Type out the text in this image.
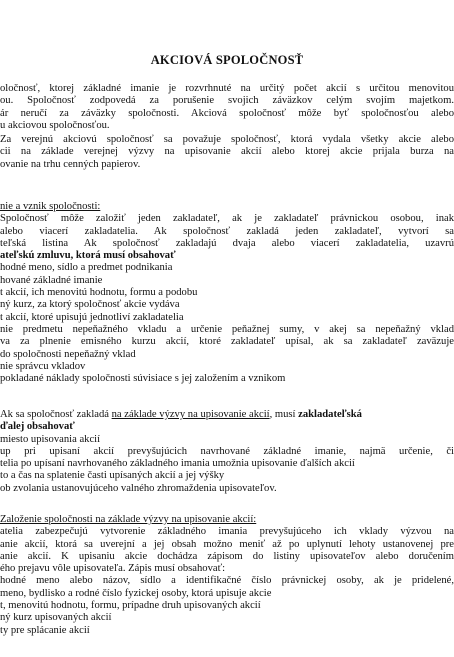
AKCIOVÁ SPOLOČNOSŤ
oločnosť, ktorej základné imanie je rozvrhnuté na určitý počet akcií s určitou menovitou
ou. Spoločnosť zodpovedá za porušenie svojich záväzkov celým svojím majetkom.
ár neručí za záväzky spoločnosti. Akciová spoločnosť môže byť spoločnosťou alebo
u akciovou spoločnosťou.
Za verejnú akciovú spoločnosť sa považuje spoločnosť, ktorá vydala všetky akcie alebo
cii na základe verejnej výzvy na upisovanie akcií alebo ktorej akcie prijala burza na
ovanie na trhu cenných papierov.
nie a vznik spoločnosti:
Spoločnosť môže založiť jeden zakladateľ, ak je zakladateľ právnickou osobou, inak
alebo viacerí zakladatelia. Ak spoločnosť zakladá jeden zakladateľ, vytvorí sa
teľská listina Ak spoločnosť zakladajú dvaja alebo viacerí zakladatelia, uzavrú
ateľskú zmluvu, ktorá musí obsahovať
hodné meno, sídlo a predmet podnikania
hované základné imanie
t akcií, ich menovitú hodnotu, formu a podobu
ný kurz, za ktorý spoločnosť akcie vydáva
t akcií, ktoré upisujú jednotliví zakladatelia
nie predmetu nepeňažného vkladu a určenie peňažnej sumy, v akej sa nepeňažný vklad
va za plnenie emisného kurzu akcií, ktoré zakladateľ upísal, ak sa zakladateľ zaväzuje
do spoločnosti nepeňažný vklad
nie správcu vkladov
pokladané náklady spoločnosti súvisiace s jej založením a vznikom
Ak sa spoločnosť zakladá na základe výzvy na upisovanie akcií, musí zakladateľská
ďalej obsahovať
miesto upisovania akcií
up pri upisaní akcií prevyšujúcich navrhované základné imanie, najmä určenie, či
telia po upísaní navrhovaného základného imania umožnia upisovanie ďalších akcií
to a čas na splatenie časti upísaných akcií a jej výšky
ob zvolania ustanovujúceho valného zhromaždenia upisovateľov.
Založenie spoločnosti na základe výzvy na upisovanie akcií:
atelia zabezpečujú vytvorenie základného imania prevyšujúceho ich vklady výzvou na
anie akcií, ktorá sa uverejní a jej obsah možno meniť až po uplynutí lehoty ustanovenej pre
anie akcií. K upisaniu akcie dochádza zápisom do listiny upisovateľov alebo doručením
ého prejavu vôle upisovateľa. Zápis musí obsahovať:
hodné meno alebo názov, sídlo a identifikačné číslo právnickej osoby, ak je pridelené,
meno, bydlisko a rodné číslo fyzickej osoby, ktorá upisuje akcie
t, menovitú hodnotu, formu, prípadne druh upisovaných akcií
ný kurz upisovaných akcií
ty pre splácanie akcií
